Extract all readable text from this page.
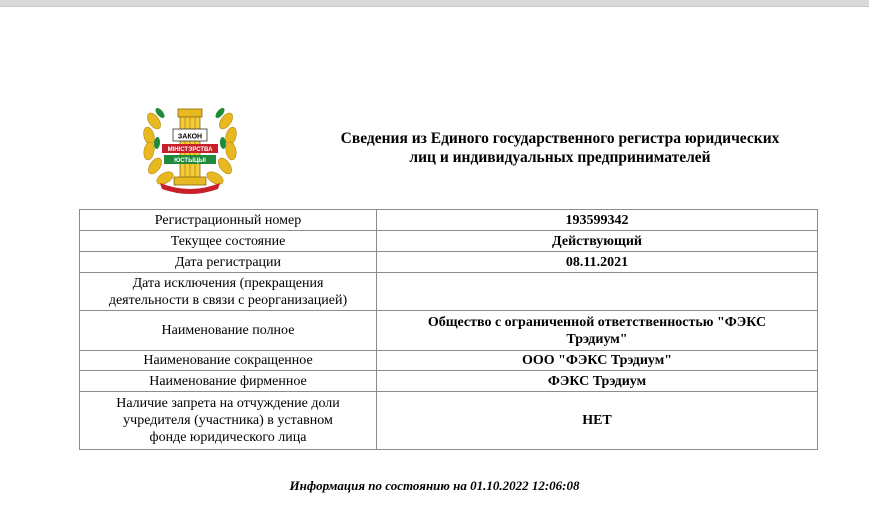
ЗАКОН
МІНІСТЭРСТВА
ЮСТЫЦЫІ
Сведения из Единого государственного регистра юридических
лиц и индивидуальных предпринимателей
Регистрационный номер	193599342
Текущее состояние	Действующий
Дата регистрации	08.11.2021

Дата исключения (прекращения
деятельности в связи с реорганизацией)	

Наименование полное	Общество с ограниченной ответственностью "ФЭКС
Трэдиум"

Наименование сокращенное	ООО "ФЭКС Трэдиум"
Наименование фирменное	ФЭКС Трэдиум

Наличие запрета на отчуждение доли
учредителя (участника) в уставном
фонде юридического лица	НЕТ
Информация по состоянию на 01.10.2022 12:06:08
